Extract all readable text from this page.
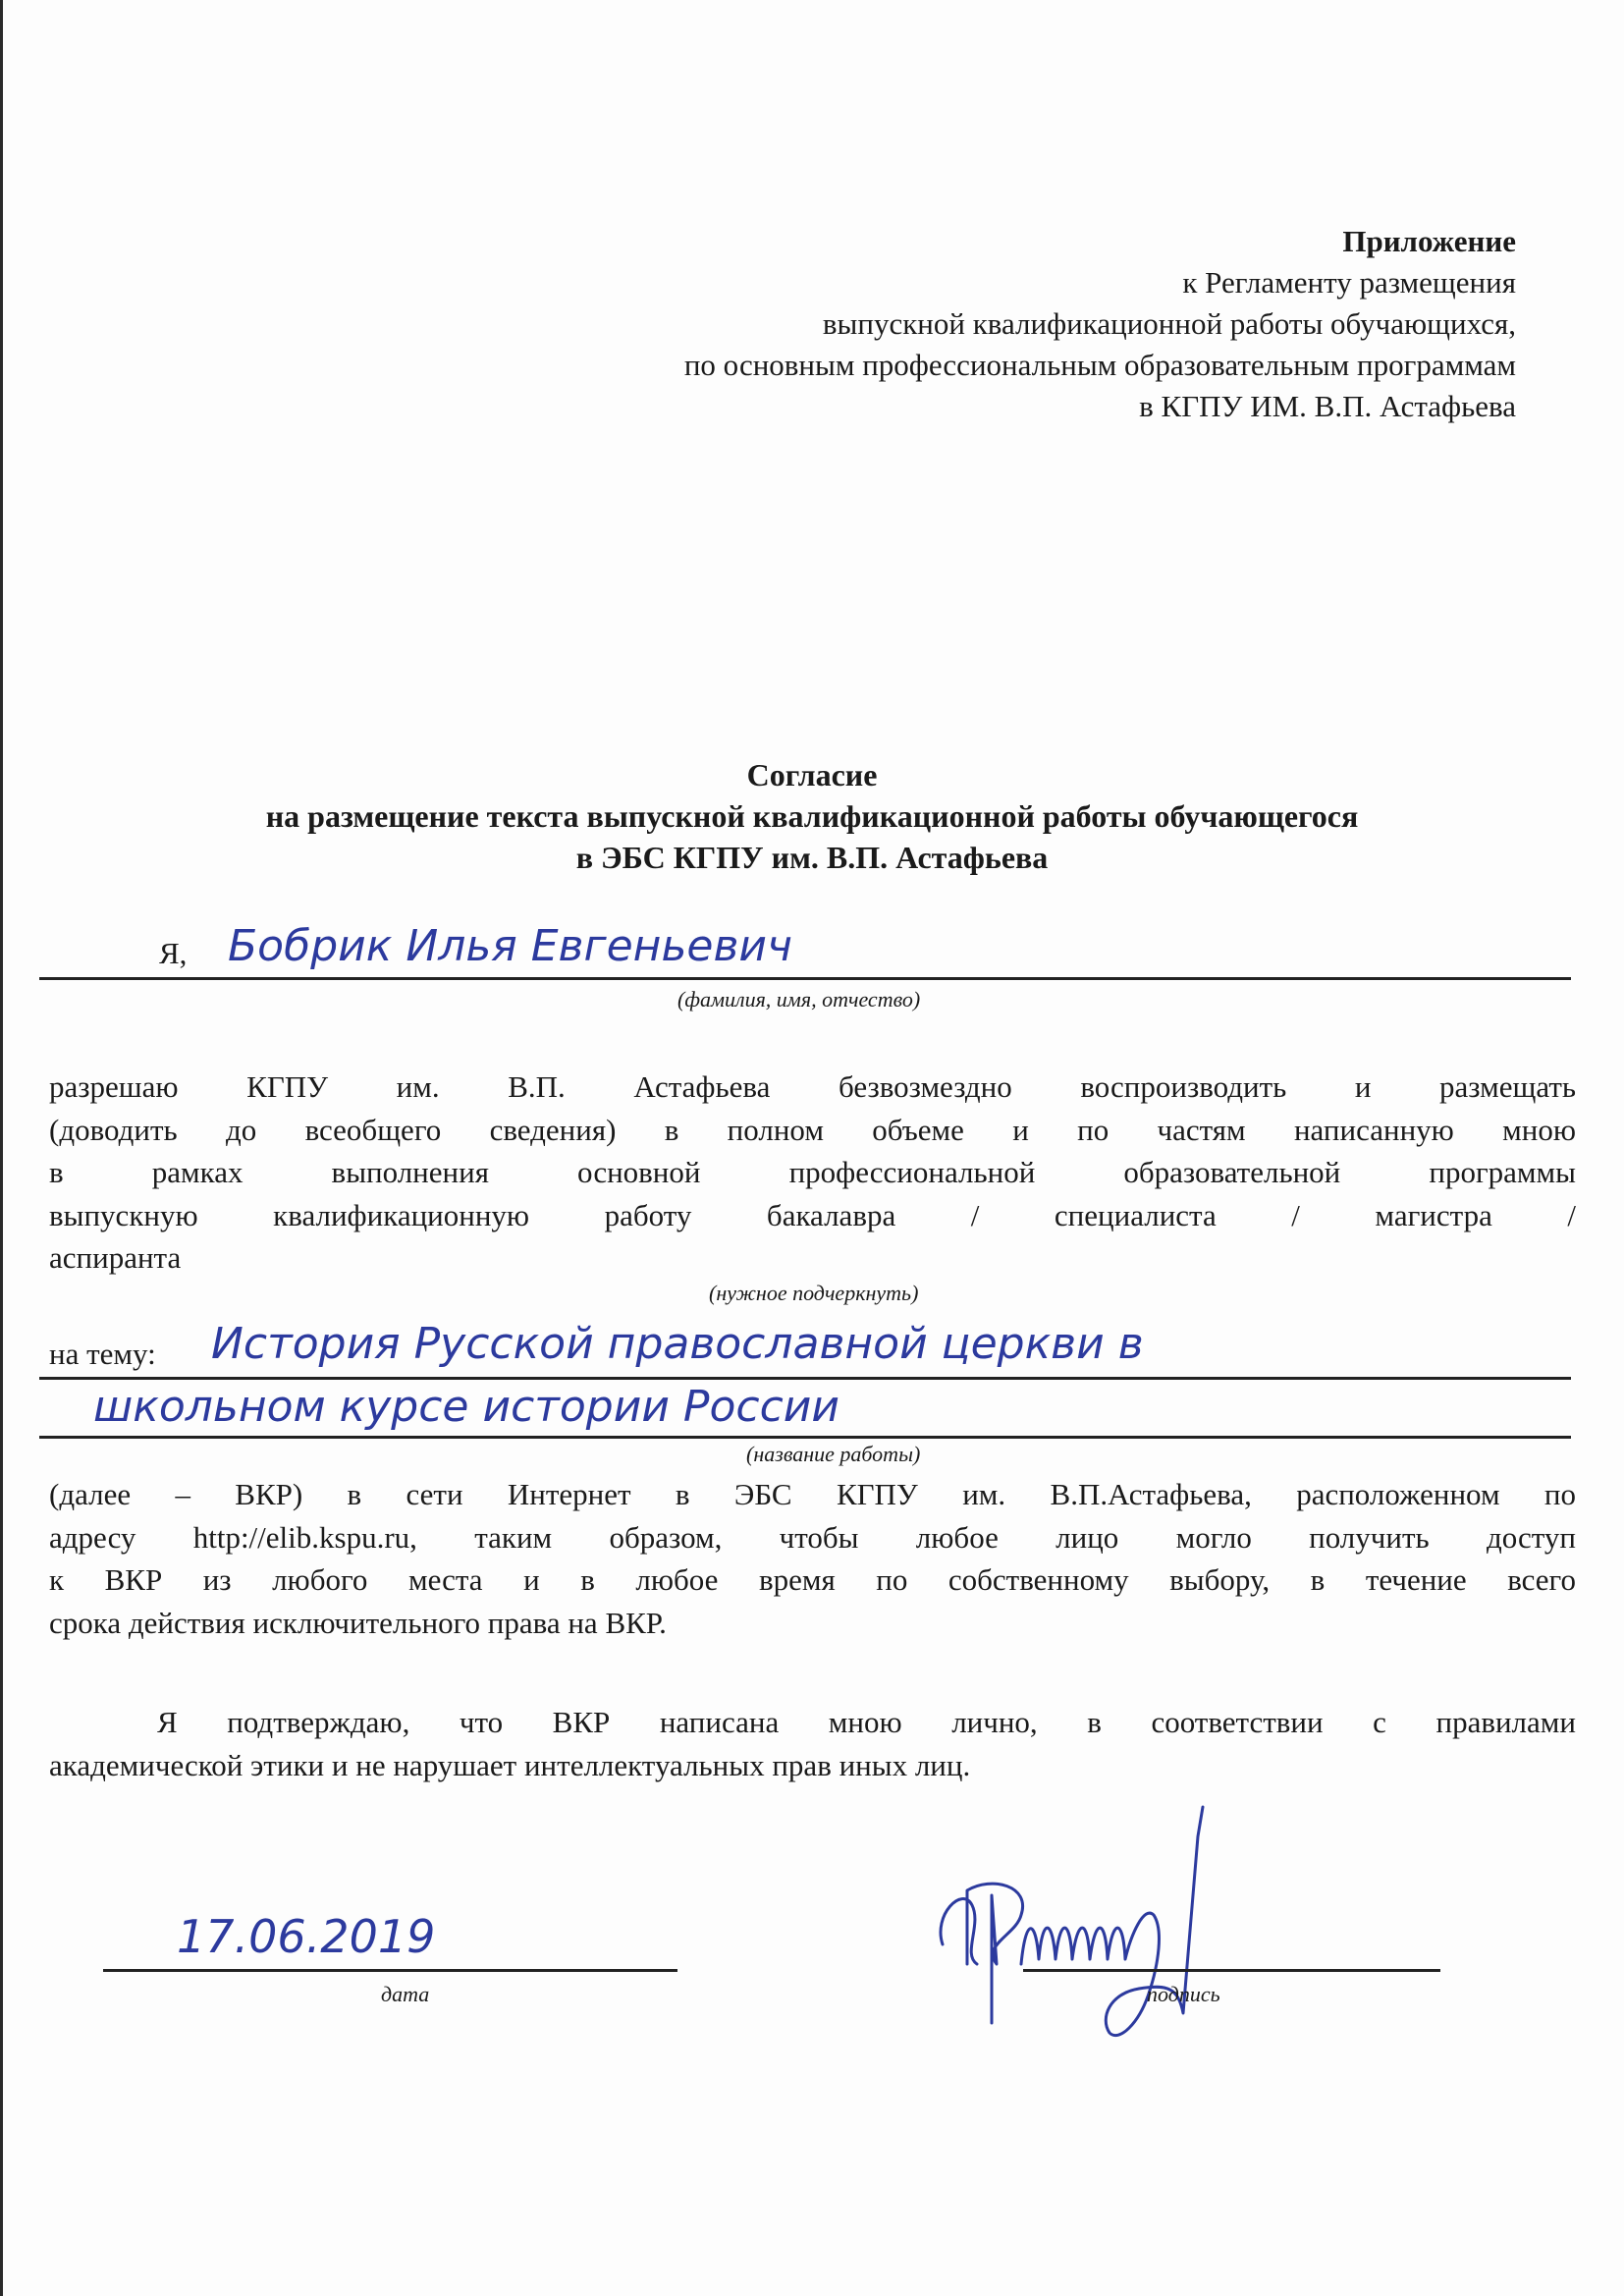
Приложение
к Регламенту размещения
выпускной квалификационной работы обучающихся,
по основным профессиональным образовательным программам
в КГПУ ИМ. В.П. Астафьева
Согласие
на размещение текста выпускной квалификационной работы обучающегося
в ЭБС КГПУ им. В.П. Астафьева
Я, Бобрик Илья Евгеньевич
(фамилия, имя, отчество)

разрешаю КГПУ им. В.П. Астафьева безвозмездно воспроизводить и размещать

(доводить до всеобщего сведения) в полном объеме и по частям написанную мною

в рамках выполнения основной профессиональной образовательной программы

выпускную квалификационную работу бакалавра / специалиста / магистра /

аспиранта

(нужное подчеркнуть)
на тему: История Русской православной церкви в
школьном курсе истории России
(название работы)

(далее – ВКР) в сети Интернет в ЭБС КГПУ им. В.П.Астафьева, расположенном по

адресу http://elib.kspu.ru, таким образом, чтобы любое лицо могло получить доступ

к ВКР из любого места и в любое время по собственному выбору, в течение всего

срока действия исключительного права на ВКР.

Я подтверждаю, что ВКР написана мною лично, в соответствии с правилами

академической этики и не нарушает интеллектуальных прав иных лиц.

17.06.2019
дата	подпись
